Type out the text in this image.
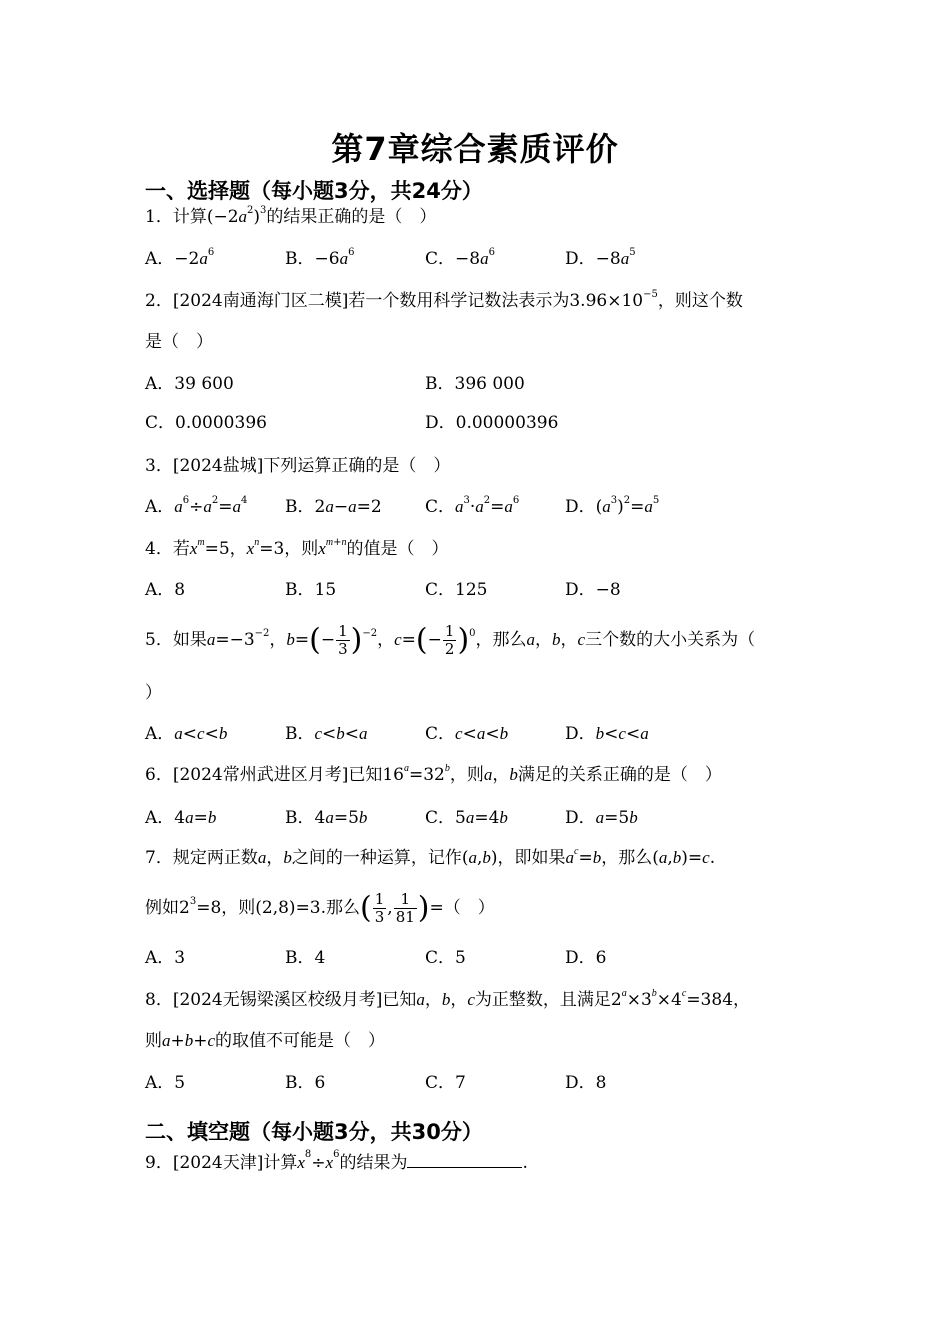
第7章综合素质评价
一、选择题（每小题3分，共24分）
1．计算$(-2a^2)^3$的结果正确的是（　）
A．$-2a^6$	B．$-6a^6$	C．$-8a^6$	D．$-8a^5$
2．[2024南通海门区二模]若一个数用科学记数法表示为$3.96\times 10^{-5}$，则这个数
是（　）
A．39 600	B．396 000
C．0.0000396	D．0.00000396
3．[2024盐城]下列运算正确的是（　）
A．$a^6\div a^2=a^4$ B．2a−a=2	C．$a^3\cdot a^2=a^6$	D．$(a^3)^2=a^5$
4．若$x^m=5$，$x^n=3$，则$x^{m+n}$的值是（　）
A．8	B．15	C．125	D．−8
5．如果$a=-3^{-2}$，$b=(- \frac{1}{3} )^{-2}$，$c=(- \frac{1}{2} )^0$，那么a，b，c三个数的大小关系为（
）
A．a<c<b	B．c<b<a	C．c<a<b	D．b<c<a
6．[2024常州武进区月考]已知$16^a=32^b$，则a，b满足的关系正确的是（　）
A．4a=b	B．4a=5b	C．5a=4b	D．a=5b
7．规定两正数a，b之间的一种运算，记作(a,b)，即如果$a^c=b$，那么(a,b)=c.
例如$2^3=8$，则(2,8)=3.那么( $\frac{1}{3}$ , $\frac{1}{81}$ )=（　）
A．3	B．4	C．5	D．6
8．[2024无锡梁溪区校级月考]已知a，b，c为正整数，且满足$2^a\times 3^b\times 4^c=384$，
则a+b+c的取值不可能是（　）
A．5	B．6	C．7	D．8
二、填空题（每小题3分，共30分）
9．[2024天津]计算$x^8\div x^6$的结果为	.
